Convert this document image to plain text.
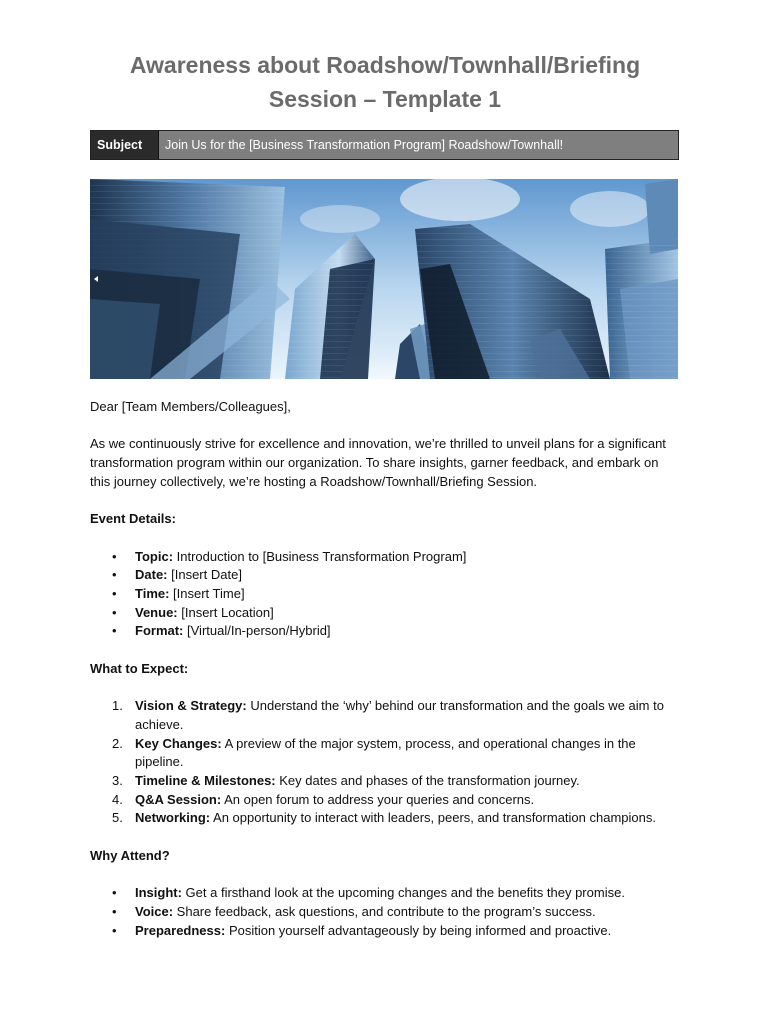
Awareness about Roadshow/Townhall/Briefing Session – Template 1
Subject	Join Us for the [Business Transformation Program] Roadshow/Townhall!

Dear [Team Members/Colleagues],

As we continuously strive for excellence and innovation, we’re thrilled to unveil plans for a significant transformation program within our organization. To share insights, garner feedback, and embark on this journey collectively, we’re hosting a Roadshow/Townhall/Briefing Session.

Event Details:

• Topic: Introduction to [Business Transformation Program]
• Date: [Insert Date]
• Time: [Insert Time]
• Venue: [Insert Location]
• Format: [Virtual/In-person/Hybrid]

What to Expect:

1. Vision & Strategy: Understand the ‘why’ behind our transformation and the goals we aim to achieve.
2. Key Changes: A preview of the major system, process, and operational changes in the pipeline.
3. Timeline & Milestones: Key dates and phases of the transformation journey.
4. Q&A Session: An open forum to address your queries and concerns.
5. Networking: An opportunity to interact with leaders, peers, and transformation champions.

Why Attend?

• Insight: Get a firsthand look at the upcoming changes and the benefits they promise.
• Voice: Share feedback, ask questions, and contribute to the program’s success.
• Preparedness: Position yourself advantageously by being informed and proactive.
